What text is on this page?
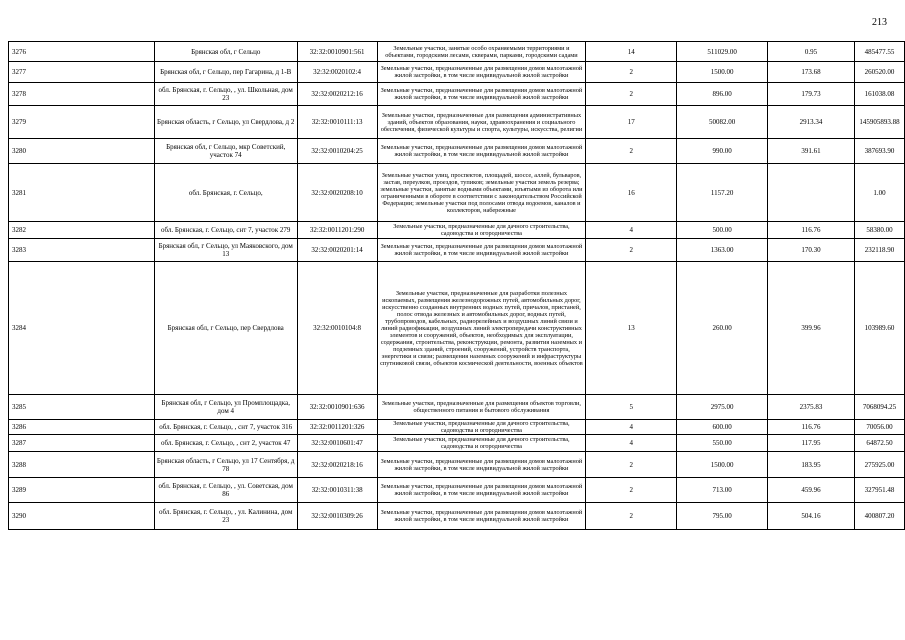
213
3276	Брянская обл, г Сельцо	32:32:0010901:561	Земельные участки, занятые особо охраняемыми территориями и объектами, городскими лесами, скверами, парками, городскими садами	14	511029.00	0.95	485477.55
3277	Брянская обл, г Сельцо, пер Гагарина, д 1-В	32:32:0020102:4	Земельные участки, предназначенные для размещения домов малоэтажной жилой застройки, в том числе индивидуальной жилой застройки	2	1500.00	173.68	260520.00
3278	обл. Брянская, г. Сельцо, , ул. Школьная, дом 23	32:32:0020212:16	Земельные участки, предназначенные для размещения домов малоэтажной жилой застройки, в том числе индивидуальной жилой застройки	2	896.00	179.73	161038.08
3279	Брянская область, г Сельцо, ул Свердлова, д 2	32:32:0010111:13	Земельные участки, предназначенные для размещения административных зданий, объектов образования, науки, здравоохранения и социального обеспечения, физической культуры и спорта, культуры, искусства, религии	17	50082.00	2913.34	145905893.88
3280	Брянская обл, г Сельцо, мкр Советский, участок 74	32:32:0010204:25	Земельные участки, предназначенные для размещения домов малоэтажной жилой застройки, в том числе индивидуальной жилой застройки	2	990.00	391.61	387693.90
3281	обл. Брянская, г. Сельцо,	32:32:0020208:10	Земельные участки улиц, проспектов, площадей, шоссе, аллей, бульваров, застав, переулков, проездов, тупиков; земельные участки земель резерва; земельные участки, занятые водными объектами, изъятыми из оборота или ограниченными в обороте в соответствии с законодательством Российской Федерации; земельные участки под полосами отвода водоемов, каналов и коллекторов, набережные	16	1157.20		1.00
3282	обл. Брянская, г. Сельцо, снт 7, участок 279	32:32:0011201:290	Земельные участки, предназначенные для дачного строительства, садоводства и огородничества	4	500.00	116.76	58380.00
3283	Брянская обл, г Сельцо, ул Маяковского, дом 13	32:32:0020201:14	Земельные участки, предназначенные для размещения домов малоэтажной жилой застройки, в том числе индивидуальной жилой застройки	2	1363.00	170.30	232118.90
3284	Брянская обл, г Сельцо, пер Свердлова	32:32:0010104:8	Земельные участки, предназначенные для разработки полезных ископаемых, размещения железнодорожных путей, автомобильных дорог, искусственно созданных внутренних водных путей, причалов, пристаней, полос отвода железных и автомобильных дорог, водных путей, трубопроводов, кабельных, радиорелейных и воздушных линий связи и линий радиофикации, воздушных линий электропередачи конструктивных элементов и сооружений, объектов, необходимых для эксплуатации, содержания, строительства, реконструкции, ремонта, развития наземных и подземных зданий, строений, сооружений, устройств транспорта, энергетики и связи; размещения наземных сооружений и инфраструктуры спутниковой связи, объектов космической деятельности, военных объектов	13	260.00	399.96	103989.60
3285	Брянская обл, г Сельцо, ул Промплощадка, дом 4	32:32:0010901:636	Земельные участки, предназначенные для размещения объектов торговли, общественного питания и бытового обслуживания	5	2975.00	2375.83	7068094.25
3286	обл. Брянская, г. Сельцо, , снт 7, участок 316	32:32:0011201:326	Земельные участки, предназначенные для дачного строительства, садоводства и огородничества	4	600.00	116.76	70056.00
3287	обл. Брянская, г. Сельцо, , снт 2, участок 47	32:32:0010601:47	Земельные участки, предназначенные для дачного строительства, садоводства и огородничества	4	550.00	117.95	64872.50
3288	Брянская область, г Сельцо, ул 17 Сентября, д 78	32:32:0020218:16	Земельные участки, предназначенные для размещения домов малоэтажной жилой застройки, в том числе индивидуальной жилой застройки	2	1500.00	183.95	275925.00
3289	обл. Брянская, г. Сельцо, , ул. Советская, дом 86	32:32:0010311:38	Земельные участки, предназначенные для размещения домов малоэтажной жилой застройки, в том числе индивидуальной жилой застройки	2	713.00	459.96	327951.48
3290	обл. Брянская, г. Сельцо, , ул. Калинина, дом 23	32:32:0010309:26	Земельные участки, предназначенные для размещения домов малоэтажной жилой застройки, в том числе индивидуальной жилой застройки	2	795.00	504.16	400807.20
